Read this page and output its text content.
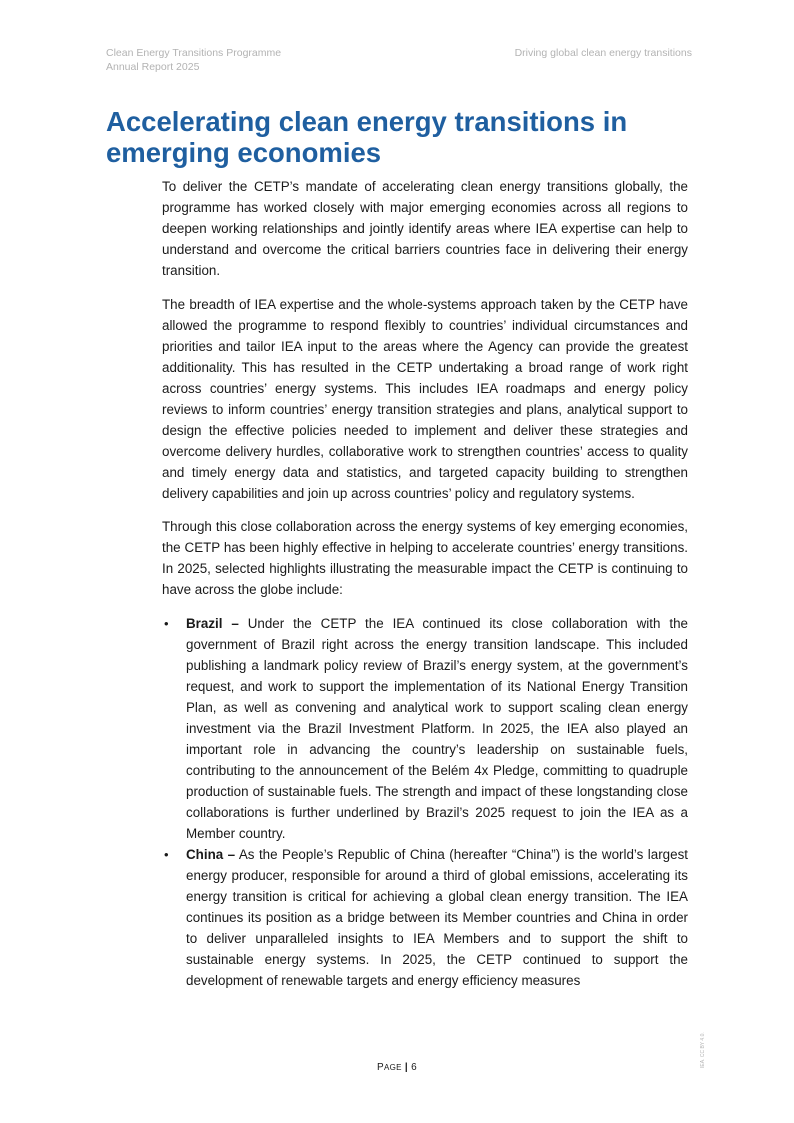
Clean Energy Transitions Programme
Annual Report 2025
Driving global clean energy transitions
Accelerating clean energy transitions in
emerging economies

To deliver the CETP’s mandate of accelerating clean energy transitions globally, the programme has worked closely with major emerging economies across all regions to deepen working relationships and jointly identify areas where IEA expertise can help to understand and overcome the critical barriers countries face in delivering their energy transition.

The breadth of IEA expertise and the whole-systems approach taken by the CETP have allowed the programme to respond flexibly to countries’ individual circumstances and priorities and tailor IEA input to the areas where the Agency can provide the greatest additionality. This has resulted in the CETP undertaking a broad range of work right across countries’ energy systems. This includes IEA roadmaps and energy policy reviews to inform countries’ energy transition strategies and plans, analytical support to design the effective policies needed to implement and deliver these strategies and overcome delivery hurdles, collaborative work to strengthen countries’ access to quality and timely energy data and statistics, and targeted capacity building to strengthen delivery capabilities and join up across countries’ policy and regulatory systems.

Through this close collaboration across the energy systems of key emerging economies, the CETP has been highly effective in helping to accelerate countries’ energy transitions. In 2025, selected highlights illustrating the measurable impact the CETP is continuing to have across the globe include:

• Brazil – Under the CETP the IEA continued its close collaboration with the government of Brazil right across the energy transition landscape. This included publishing a landmark policy review of Brazil’s energy system, at the government’s request, and work to support the implementation of its National Energy Transition Plan, as well as convening and analytical work to support scaling clean energy investment via the Brazil Investment Platform. In 2025, the IEA also played an important role in advancing the country’s leadership on sustainable fuels, contributing to the announcement of the Belém 4x Pledge, committing to quadruple production of sustainable fuels. The strength and impact of these longstanding close collaborations is further underlined by Brazil’s 2025 request to join the IEA as a Member country.
• China – As the People’s Republic of China (hereafter “China”) is the world’s largest energy producer, responsible for around a third of global emissions, accelerating its energy transition is critical for achieving a global clean energy transition. The IEA continues its position as a bridge between its Member countries and China in order to deliver unparalleled insights to IEA Members and to support the shift to sustainable energy systems. In 2025, the CETP continued to support the development of renewable targets and energy efficiency measures
PAGE | 6	IEA. CC BY 4.0.
